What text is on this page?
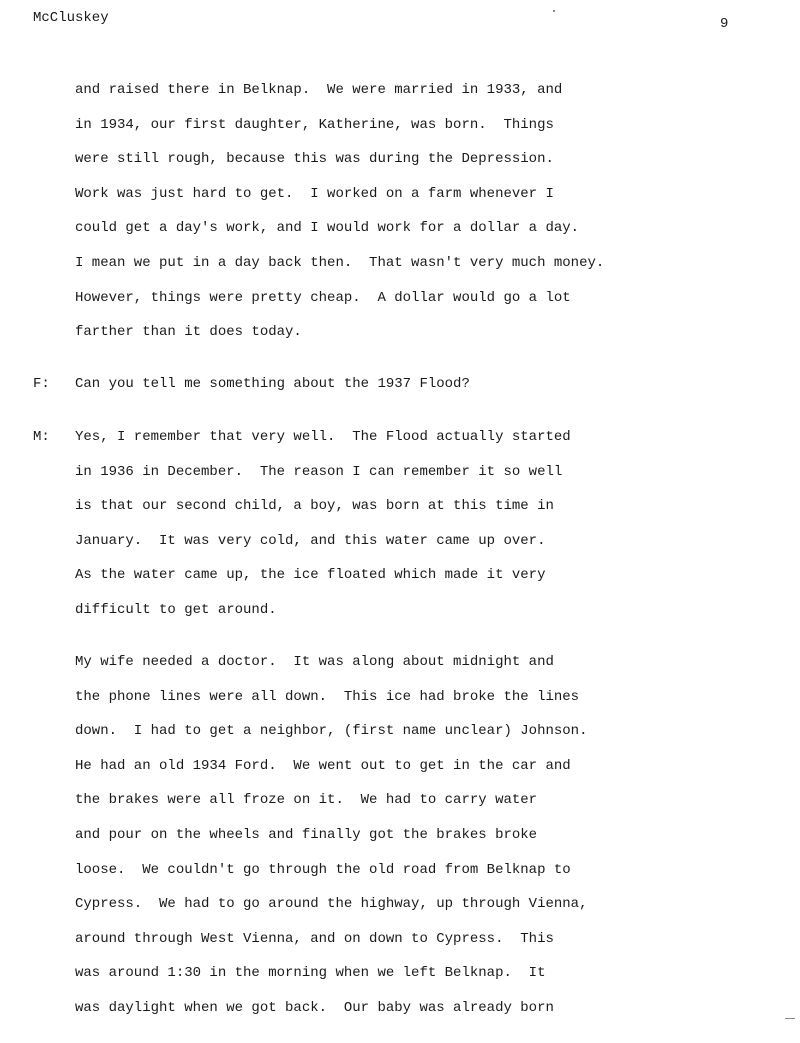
McCluskey	9
and raised there in Belknap.  We were married in 1933, and
in 1934, our first daughter, Katherine, was born.  Things
were still rough, because this was during the Depression.
Work was just hard to get.  I worked on a farm whenever I
could get a day's work, and I would work for a dollar a day.
I mean we put in a day back then.  That wasn't very much money.
However, things were pretty cheap.  A dollar would go a lot
farther than it does today.
F: Can you tell me something about the 1937 Flood?
M: Yes, I remember that very well.  The Flood actually started
in 1936 in December.  The reason I can remember it so well
is that our second child, a boy, was born at this time in
January.  It was very cold, and this water came up over.
As the water came up, the ice floated which made it very
difficult to get around.
My wife needed a doctor.  It was along about midnight and
the phone lines were all down.  This ice had broke the lines
down.  I had to get a neighbor, (first name unclear) Johnson.
He had an old 1934 Ford.  We went out to get in the car and
the brakes were all froze on it.  We had to carry water
and pour on the wheels and finally got the brakes broke
loose.  We couldn't go through the old road from Belknap to
Cypress.  We had to go around the highway, up through Vienna,
around through West Vienna, and on down to Cypress.  This
was around 1:30 in the morning when we left Belknap.  It
was daylight when we got back.  Our baby was already born
